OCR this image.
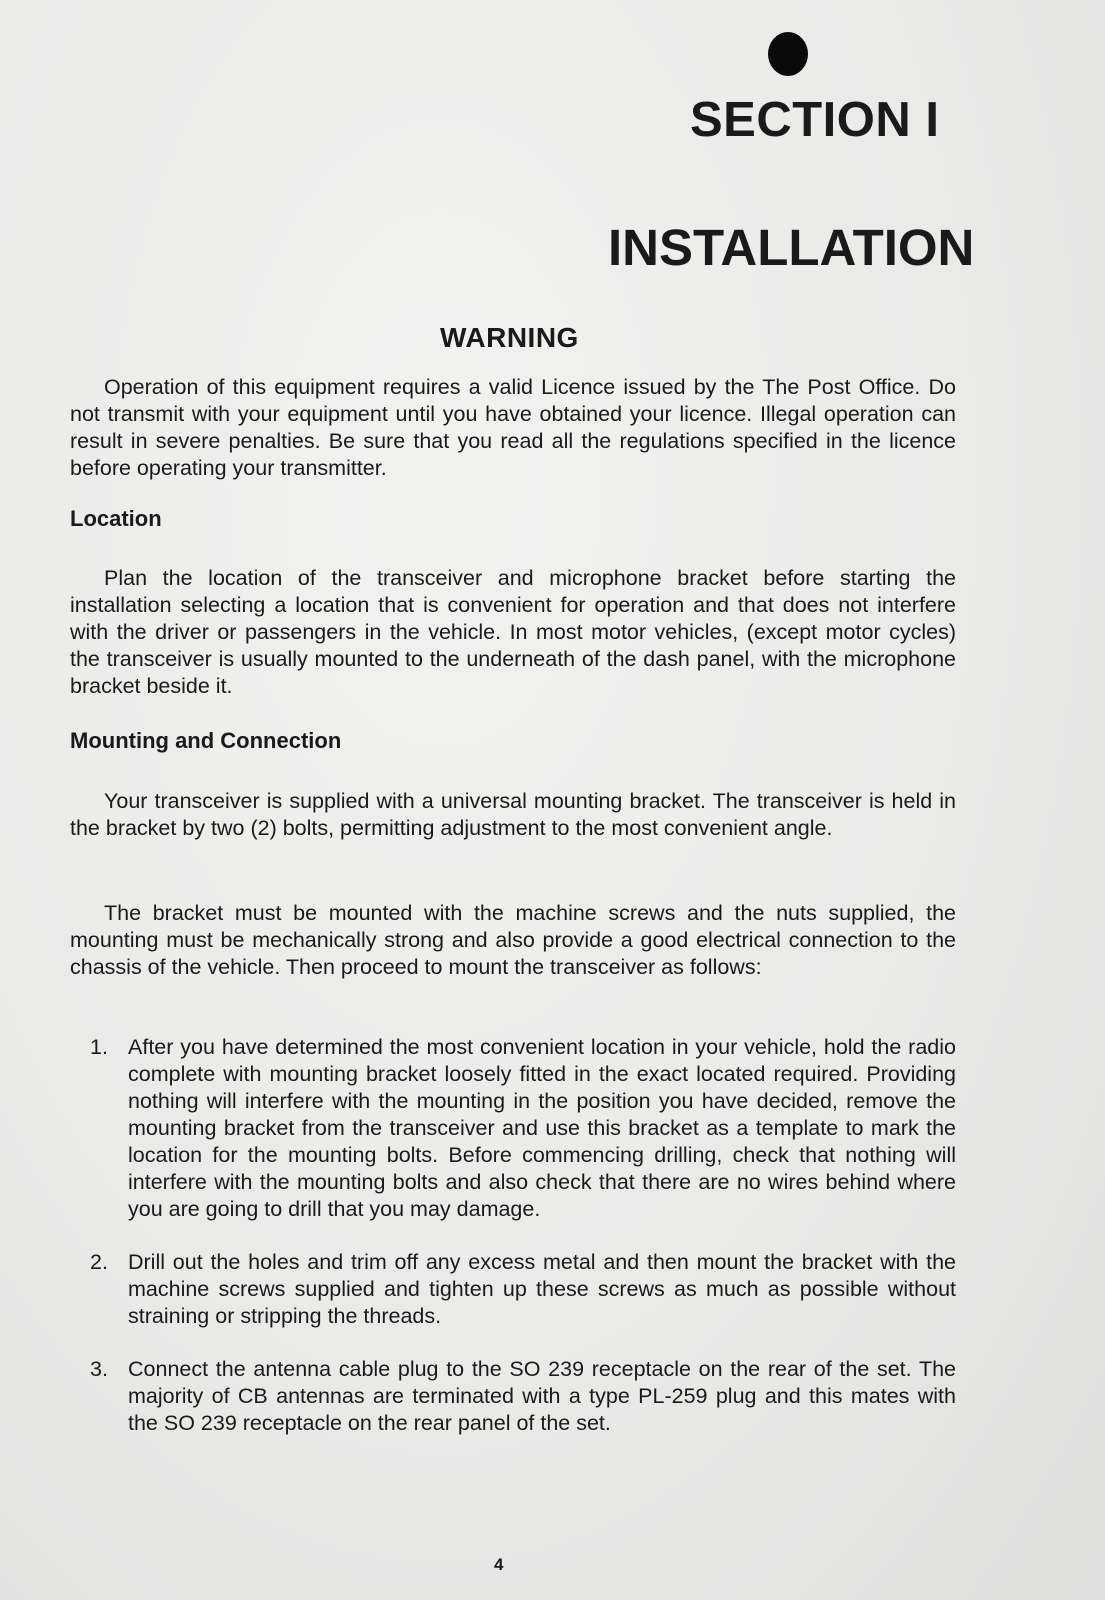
SECTION I
INSTALLATION
WARNING

Operation of this equipment requires a valid Licence issued by the The Post Office. Do not transmit with your equipment until you have obtained your licence. Illegal operation can result in severe penalties. Be sure that you read all the regulations specified in the licence before operating your transmitter.

Location

Plan the location of the transceiver and microphone bracket before starting the installation selecting a location that is convenient for operation and that does not interfere with the driver or passengers in the vehicle. In most motor vehicles, (except motor cycles) the transceiver is usually mounted to the underneath of the dash panel, with the microphone bracket beside it.

Mounting and Connection

Your transceiver is supplied with a universal mounting bracket. The transceiver is held in the bracket by two (2) bolts, permitting adjustment to the most convenient angle.

The bracket must be mounted with the machine screws and the nuts supplied, the mounting must be mechanically strong and also provide a good electrical connection to the chassis of the vehicle. Then proceed to mount the transceiver as follows:

1. After you have determined the most convenient location in your vehicle, hold the radio complete with mounting bracket loosely fitted in the exact located required. Providing nothing will interfere with the mounting in the position you have decided, remove the mounting bracket from the transceiver and use this bracket as a template to mark the location for the mounting bolts. Before commencing drilling, check that nothing will interfere with the mounting bolts and also check that there are no wires behind where you are going to drill that you may damage.
2. Drill out the holes and trim off any excess metal and then mount the bracket with the machine screws supplied and tighten up these screws as much as possible without straining or stripping the threads.
3. Connect the antenna cable plug to the SO 239 receptacle on the rear of the set. The majority of CB antennas are terminated with a type PL-259 plug and this mates with the SO 239 receptacle on the rear panel of the set.

4
